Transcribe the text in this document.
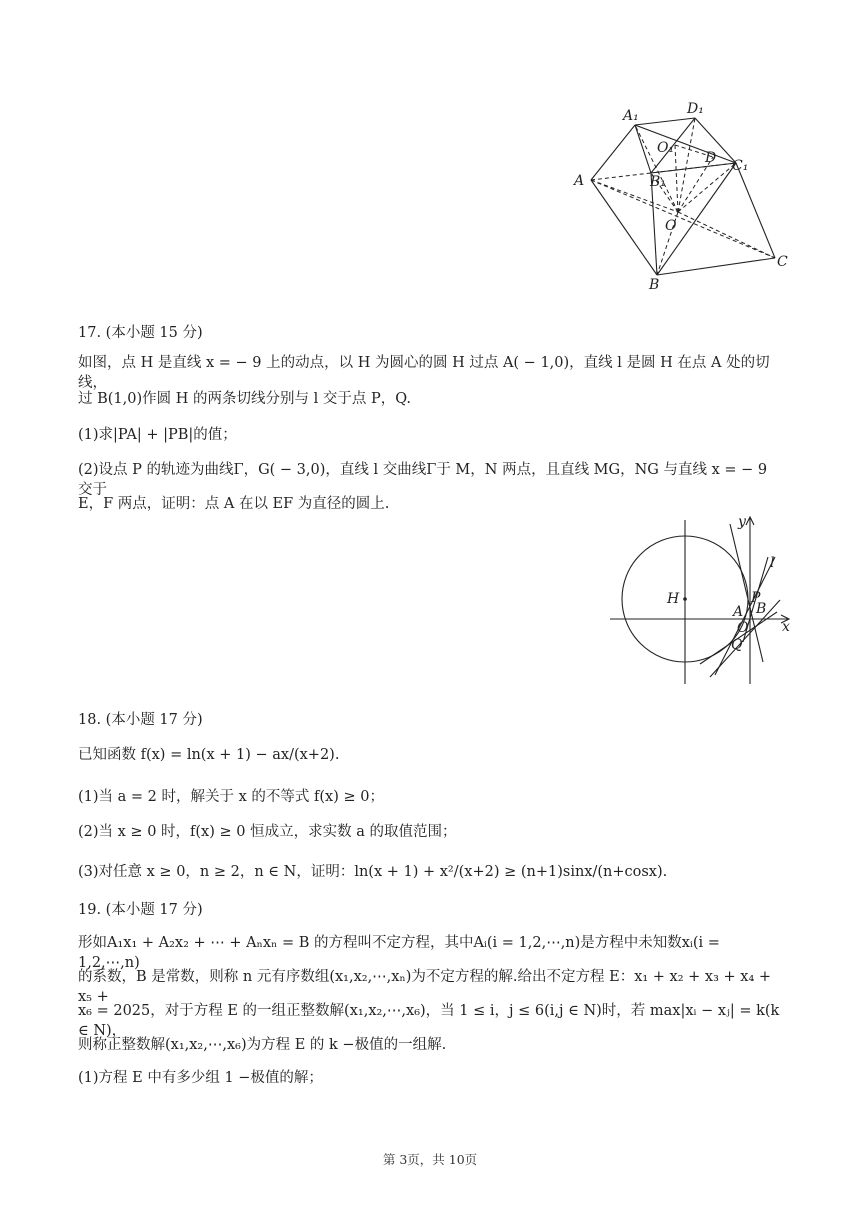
A₁	D₁
O₁
D C₁
A	B₁
O
B
C

17. (本小题 15 分)

如图，点 H 是直线 x = − 9 上的动点，以 H 为圆心的圆 H 过点 A( − 1,0)，直线 l 是圆 H 在点 A 处的切线，

过 B(1,0)作圆 H 的两条切线分别与 l 交于点 P，Q.

(1)求|PA| + |PB|的值；

(2)设点 P 的轨迹为曲线Γ，G( − 3,0)，直线 l 交曲线Γ于 M，N 两点，且直线 MG，NG 与直线 x = − 9 交于

E，F 两点，证明：点 A 在以 EF 为直径的圆上.

y
l
H	P
A B
O x
Q

18. (本小题 17 分)

已知函数 f(x) = ln(x + 1) − ax/(x+2).

(1)当 a = 2 时，解关于 x 的不等式 f(x) ≥ 0；

(2)当 x ≥ 0 时，f(x) ≥ 0 恒成立，求实数 a 的取值范围；

(3)对任意 x ≥ 0，n ≥ 2，n ∈ N，证明：ln(x + 1) + x²/(x+2) ≥ (n+1)sinx/(n+cosx).

19. (本小题 17 分)

形如A₁x₁ + A₂x₂ + ⋯ + Aₙxₙ = B 的方程叫不定方程，其中Aᵢ(i = 1,2,⋯,n)是方程中未知数xᵢ(i = 1,2,⋯,n)

的系数，B 是常数，则称 n 元有序数组(x₁,x₂,⋯,xₙ)为不定方程的解.给出不定方程 E：x₁ + x₂ + x₃ + x₄ + x₅ +

x₆ = 2025，对于方程 E 的一组正整数解(x₁,x₂,⋯,x₆)，当 1 ≤ i，j ≤ 6(i,j ∈ N)时，若 max|xᵢ − xⱼ| = k(k ∈ N)，

则称正整数解(x₁,x₂,⋯,x₆)为方程 E 的 k −极值的一组解.

(1)方程 E 中有多少组 1 −极值的解；

第 3页，共 10页
